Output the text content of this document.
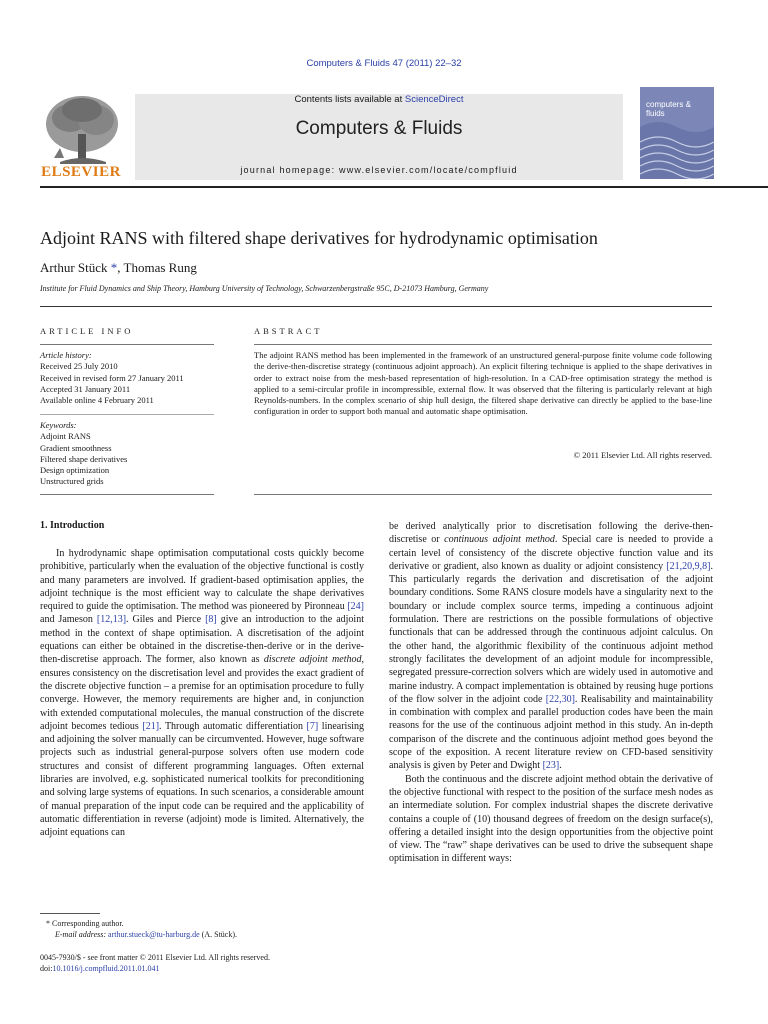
Computers & Fluids 47 (2011) 22–32
ELSEVIER
Contents lists available at ScienceDirect
Computers & Fluids
journal homepage: www.elsevier.com/locate/compfluid
computers & fluids
Adjoint RANS with filtered shape derivatives for hydrodynamic optimisation
Arthur Stück *, Thomas Rung
Institute for Fluid Dynamics and Ship Theory, Hamburg University of Technology, Schwarzenbergstraße 95C, D-21073 Hamburg, Germany
ARTICLE INFO
Article history:
Received 25 July 2010
Received in revised form 27 January 2011
Accepted 31 January 2011
Available online 4 February 2011
Keywords:
Adjoint RANS
Gradient smoothness
Filtered shape derivatives
Design optimization
Unstructured grids
ABSTRACT
The adjoint RANS method has been implemented in the framework of an unstructured general-purpose finite volume code following the derive-then-discretise strategy (continuous adjoint approach). An explicit filtering technique is applied to the shape derivatives in order to extract noise from the mesh-based representation of high-resolution. In a CAD-free optimisation strategy the method is applied to a semi-circular profile in incompressible, external flow. It was observed that the filtering is particularly relevant at high Reynolds-numbers. In the complex scenario of ship hull design, the filtered shape derivative can directly be applied to the base-line configuration in order to support both manual and automatic shape optimisation.
© 2011 Elsevier Ltd. All rights reserved.
1. Introduction

In hydrodynamic shape optimisation computational costs quickly become prohibitive, particularly when the evaluation of the objective functional is costly and many parameters are involved. If gradient-based optimisation applies, the adjoint technique is the most efficient way to calculate the shape derivatives required to guide the optimisation. The method was pioneered by Pironneau [24] and Jameson [12,13]. Giles and Pierce [8] give an introduction to the adjoint method in the context of shape optimisation. A discretisation of the adjoint equations can either be obtained in the discretise-then-derive or in the derive-then-discretise approach. The former, also known as discrete adjoint method, ensures consistency on the discretisation level and provides the exact gradient of the discrete objective function – a premise for an optimisation procedure to fully converge. However, the memory requirements are higher and, in conjunction with extended computational molecules, the manual construction of the discrete adjoint becomes tedious [21]. Through automatic differentiation [7] linearising and adjoining the solver manually can be circumvented. However, huge software projects such as industrial general-purpose solvers often use modern code structures and consist of different programming languages. Often external libraries are involved, e.g. sophisticated numerical toolkits for preconditioning and solving large systems of equations. In such scenarios, a considerable amount of manual preparation of the input code can be required and the applicability of automatic differentiation in reverse (adjoint) mode is limited. Alternatively, the adjoint equations can

be derived analytically prior to discretisation following the derive-then-discretise or continuous adjoint method. Special care is needed to provide a certain level of consistency of the discrete objective function value and its derivative or gradient, also known as duality or adjoint consistency [21,20,9,8]. This particularly regards the derivation and discretisation of the adjoint boundary conditions. Some RANS closure models have a singularity next to the boundary or include complex source terms, impeding a continuous adjoint formulation. There are restrictions on the possible formulations of objective functionals that can be addressed through the continuous adjoint calculus. On the other hand, the algorithmic flexibility of the continuous adjoint method strongly facilitates the development of an adjoint module for incompressible, segregated pressure-correction solvers which are widely used in automotive and marine industry. A compact implementation is obtained by reusing huge portions of the flow solver in the adjoint code [22,30]. Realisability and maintainability in combination with complex and parallel production codes have been the main reasons for the use of the continuous adjoint method in this study. An in-depth comparison of the discrete and the continuous adjoint method goes beyond the scope of the exposition. A recent literature review on CFD-based sensitivity analysis is given by Peter and Dwight [23].

Both the continuous and the discrete adjoint method obtain the derivative of the objective functional with respect to the position of the surface mesh nodes as an intermediate solution. For complex industrial shapes the discrete derivative contains a couple of (10) thousand degrees of freedom on the design surface(s), offering a detailed insight into the design opportunities from the objective point of view. The “raw” shape derivatives can be used to drive the subsequent shape optimisation in different ways:

* Corresponding author.
E-mail address: arthur.stueck@tu-harburg.de (A. Stück).
0045-7930/$ - see front matter © 2011 Elsevier Ltd. All rights reserved.
doi:10.1016/j.compfluid.2011.01.041
